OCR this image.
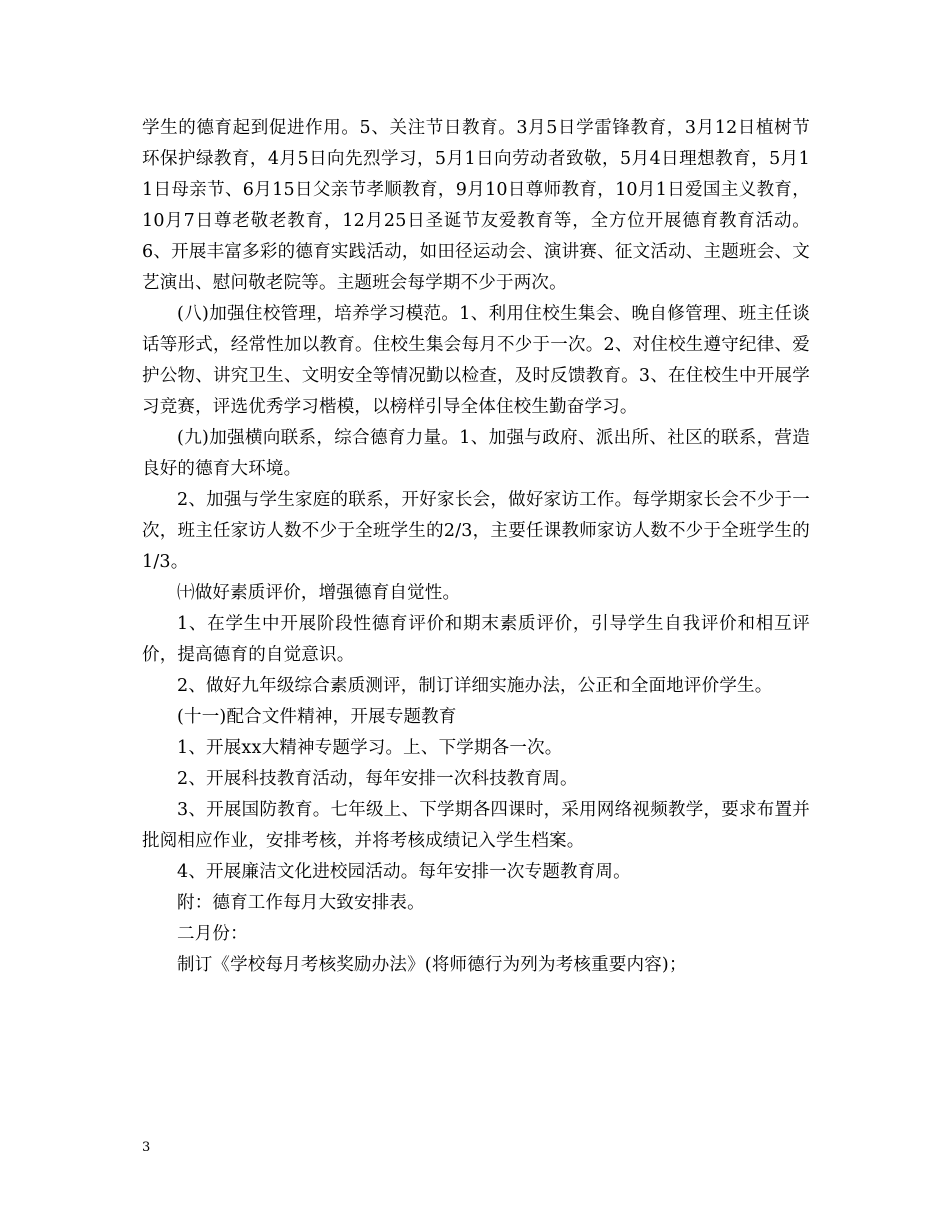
学生的德育起到促进作用。5、关注节日教育。3月5日学雷锋教育，3月12日植树节环保护绿教育，4月5日向先烈学习，5月1日向劳动者致敬，5月4日理想教育，5月11日母亲节、6月15日父亲节孝顺教育，9月10日尊师教育，10月1日爱国主义教育，10月7日尊老敬老教育，12月25日圣诞节友爱教育等，全方位开展德育教育活动。6、开展丰富多彩的德育实践活动，如田径运动会、演讲赛、征文活动、主题班会、文艺演出、慰问敬老院等。主题班会每学期不少于两次。

(八)加强住校管理，培养学习模范。1、利用住校生集会、晚自修管理、班主任谈话等形式，经常性加以教育。住校生集会每月不少于一次。2、对住校生遵守纪律、爱护公物、讲究卫生、文明安全等情况勤以检查，及时反馈教育。3、在住校生中开展学习竞赛，评选优秀学习楷模，以榜样引导全体住校生勤奋学习。

(九)加强横向联系，综合德育力量。1、加强与政府、派出所、社区的联系，营造良好的德育大环境。

2、加强与学生家庭的联系，开好家长会，做好家访工作。每学期家长会不少于一次，班主任家访人数不少于全班学生的2/3，主要任课教师家访人数不少于全班学生的1/3。

㈩做好素质评价，增强德育自觉性。

1、在学生中开展阶段性德育评价和期末素质评价，引导学生自我评价和相互评价，提高德育的自觉意识。

2、做好九年级综合素质测评，制订详细实施办法，公正和全面地评价学生。

(十一)配合文件精神，开展专题教育

1、开展xx大精神专题学习。上、下学期各一次。

2、开展科技教育活动，每年安排一次科技教育周。

3、开展国防教育。七年级上、下学期各四课时，采用网络视频教学，要求布置并批阅相应作业，安排考核，并将考核成绩记入学生档案。

4、开展廉洁文化进校园活动。每年安排一次专题教育周。

附：德育工作每月大致安排表。

二月份：

制订《学校每月考核奖励办法》(将师德行为列为考核重要内容)；

3
